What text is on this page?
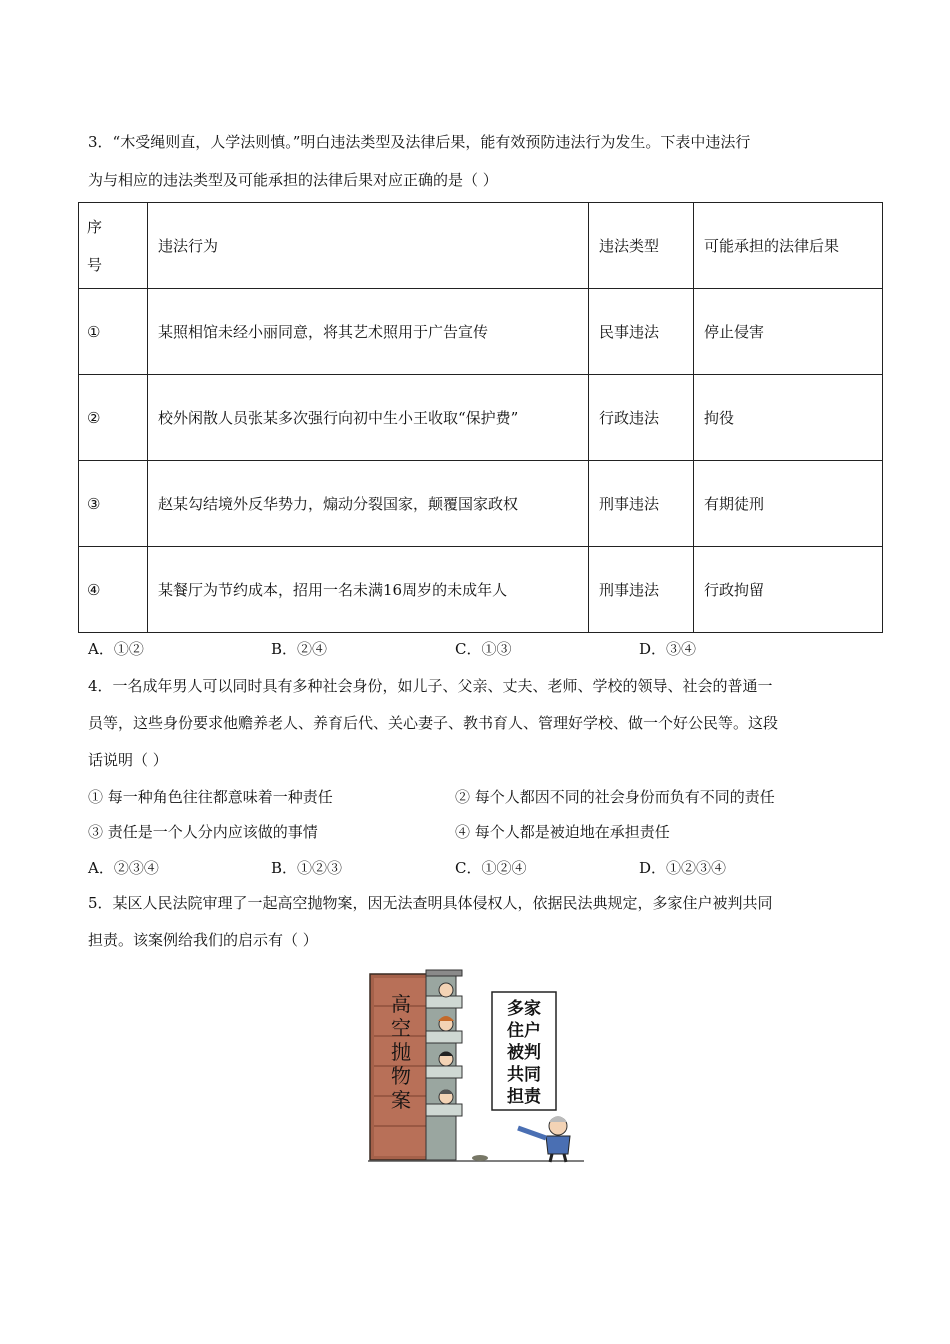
3．“木受绳则直，人学法则慎。”明白违法类型及法律后果，能有效预防违法行为发生。下表中违法行
为与相应的违法类型及可能承担的法律后果对应正确的是（ ）
序号	违法行为	违法类型	可能承担的法律后果
①	某照相馆未经小丽同意，将其艺术照用于广告宣传	民事违法	停止侵害
②	校外闲散人员张某多次强行向初中生小王收取“保护费”	行政违法	拘役
③	赵某勾结境外反华势力，煽动分裂国家，颠覆国家政权	刑事违法	有期徒刑
④	某餐厅为节约成本，招用一名未满16周岁的未成年人	刑事违法	行政拘留
A．①②	B．②④	C．①③	D．③④
4．一名成年男人可以同时具有多种社会身份，如儿子、父亲、丈夫、老师、学校的领导、社会的普通一
员等，这些身份要求他赡养老人、养育后代、关心妻子、教书育人、管理好学校、做一个好公民等。这段
话说明（ ）
① 每一种角色往往都意味着一种责任	② 每个人都因不同的社会身份而负有不同的责任
③ 责任是一个人分内应该做的事情	④ 每个人都是被迫地在承担责任
A．②③④	B．①②③	C．①②④	D．①②③④
5．某区人民法院审理了一起高空抛物案，因无法查明具体侵权人，依据民法典规定，多家住户被判共同
担责。该案例给我们的启示有（ ）
高空抛物案
多家住户被判共同担责
